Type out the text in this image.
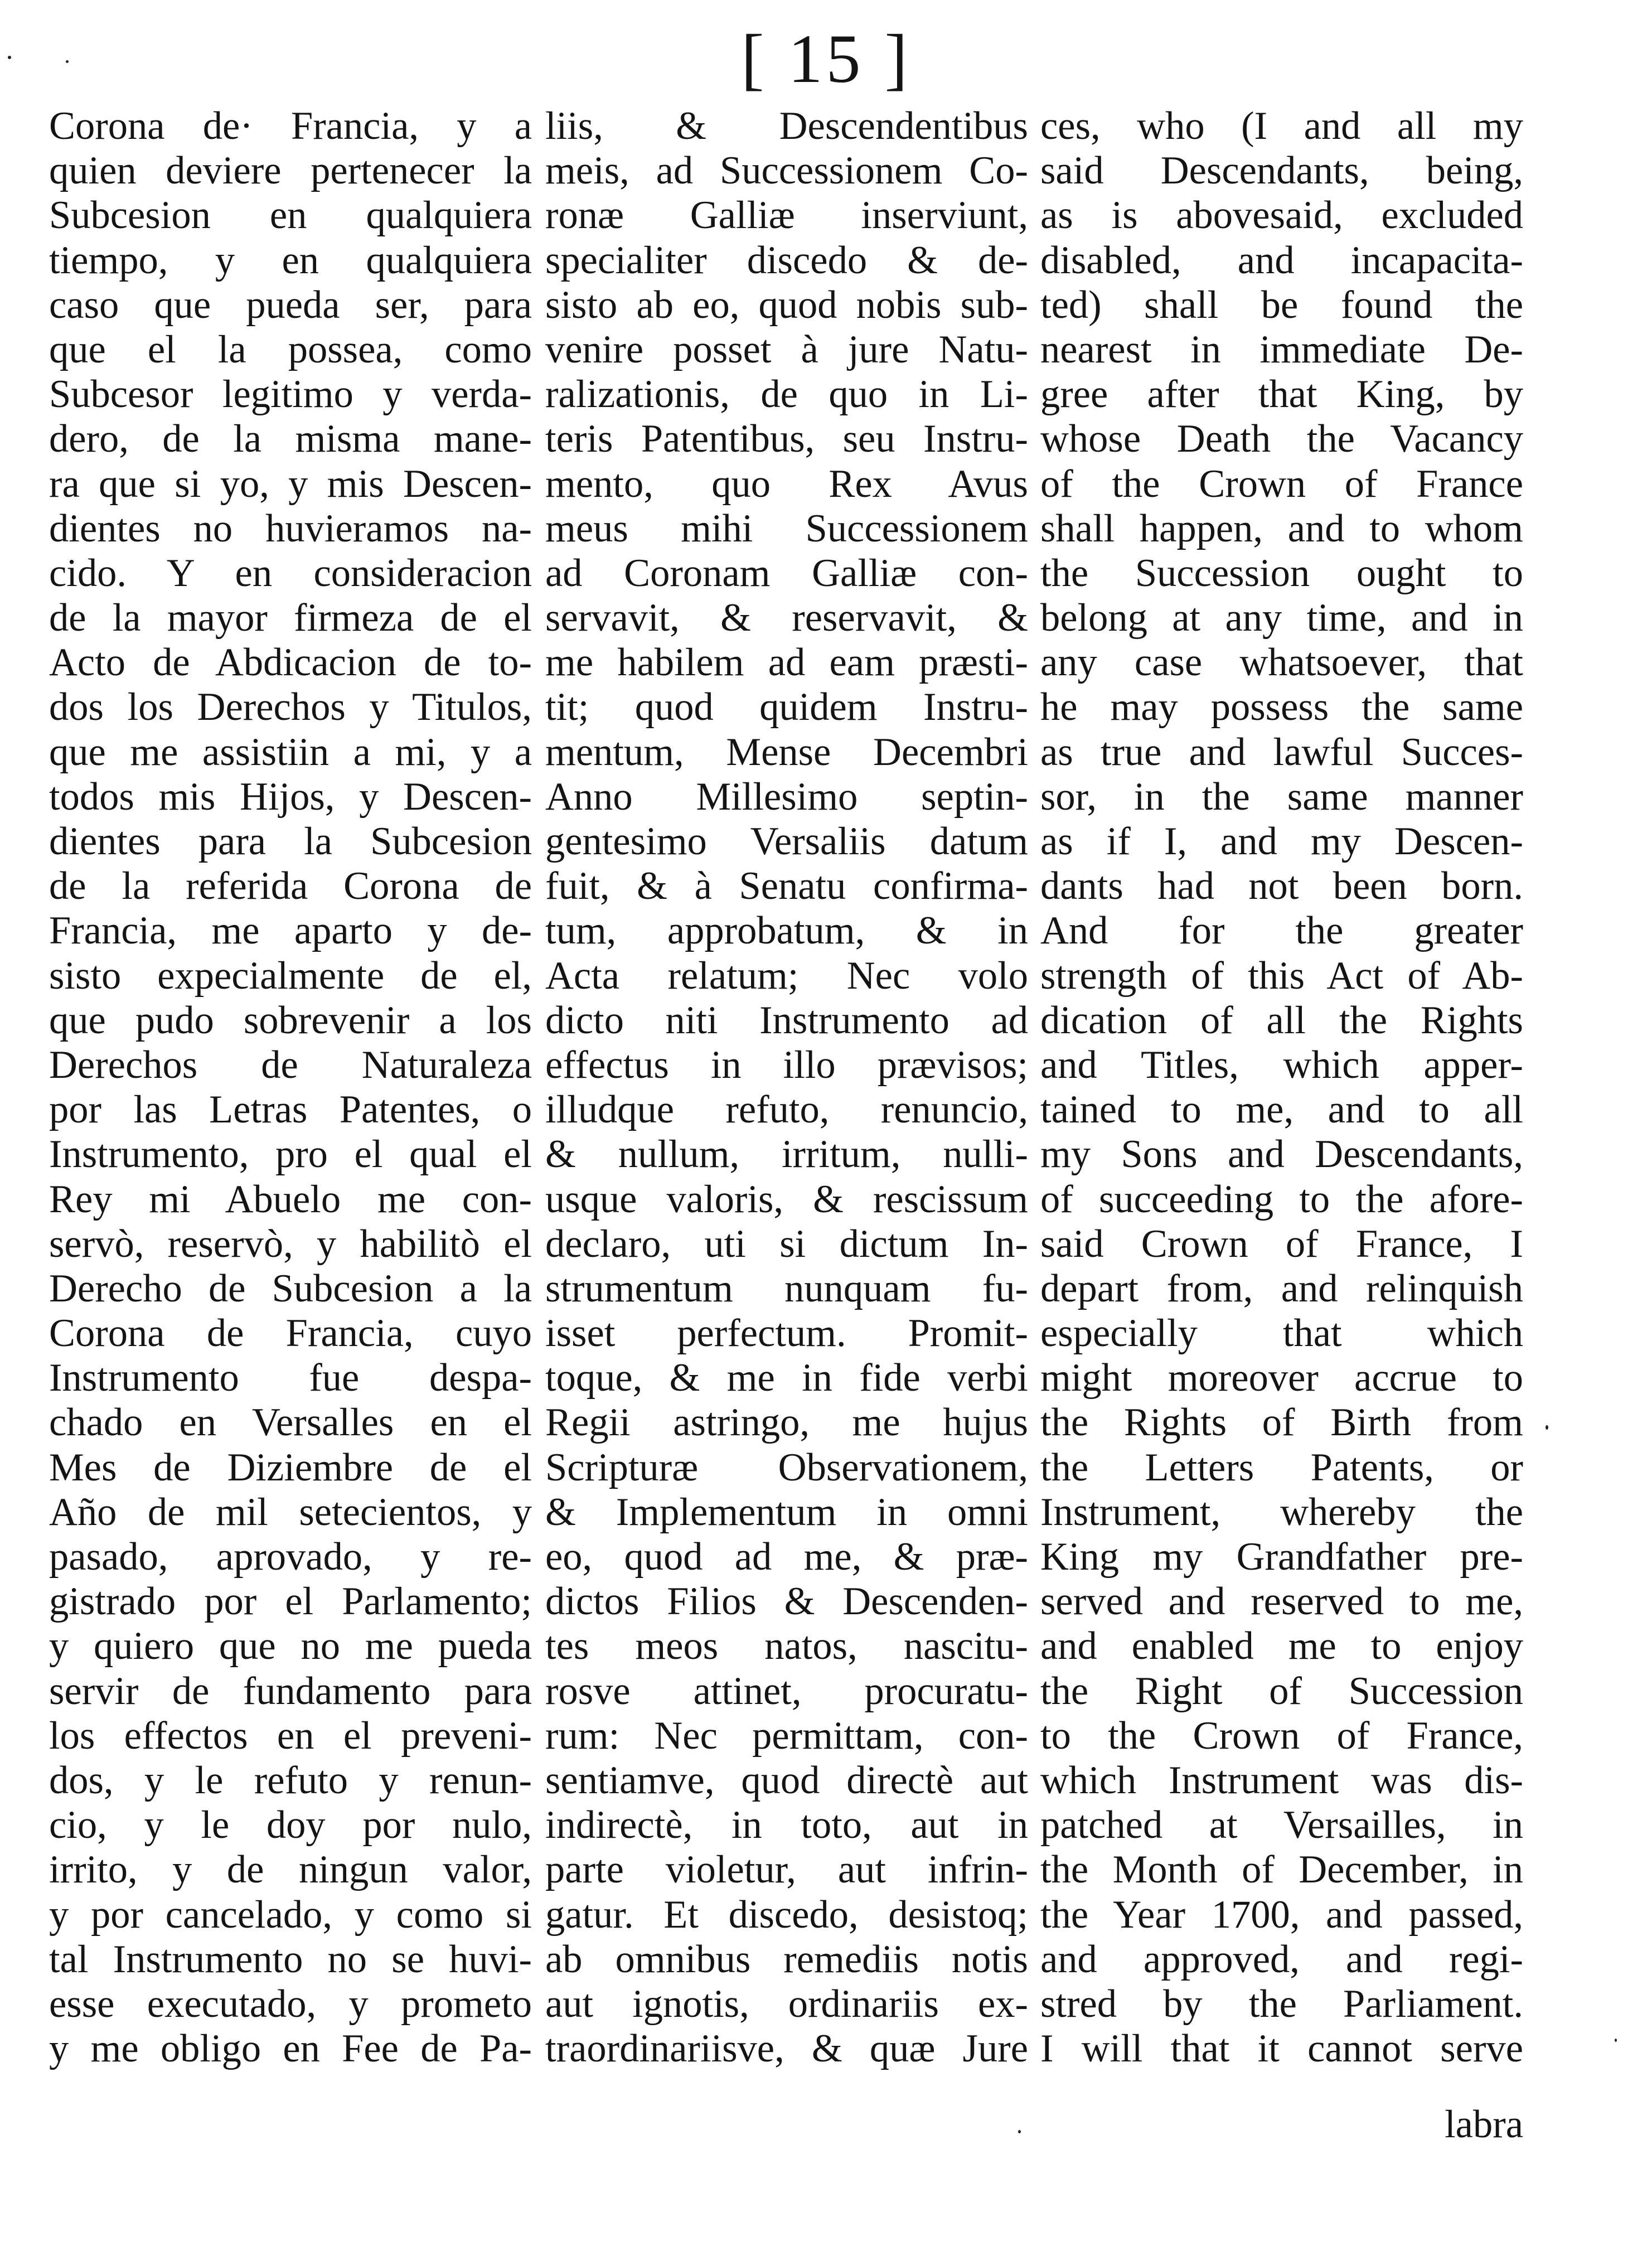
[ 15 ]
Corona de· Francia, y a
quien deviere pertenecer la
Subcesion en qualquiera
tiempo, y en qualquiera
caso que pueda ser, para
que el la possea, como
Subcesor legitimo y verda-
dero, de la misma mane-
ra que si yo, y mis Descen-
dientes no huvieramos na-
cido. Y en consideracion
de la mayor firmeza de el
Acto de Abdicacion de to-
dos los Derechos y Titulos,
que me assistiin a mi, y a
todos mis Hijos, y Descen-
dientes para la Subcesion
de la referida Corona de
Francia, me aparto y de-
sisto expecialmente de el,
que pudo sobrevenir a los
Derechos de Naturaleza
por las Letras Patentes, o
Instrumento, pro el qual el
Rey mi Abuelo me con-
servò, reservò, y habilitò el
Derecho de Subcesion a la
Corona de Francia, cuyo
Instrumento fue despa-
chado en Versalles en el
Mes de Diziembre de el
Año de mil setecientos, y
pasado, aprovado, y re-
gistrado por el Parlamento;
y quiero que no me pueda
servir de fundamento para
los effectos en el preveni-
dos, y le refuto y renun-
cio, y le doy por nulo,
irrito, y de ningun valor,
y por cancelado, y como si
tal Instrumento no se huvi-
esse executado, y prometo
y me obligo en Fee de Pa-
liis, & Descendentibus
meis, ad Successionem Co-
ronæ Galliæ inserviunt,
specialiter discedo & de-
sisto ab eo, quod nobis sub-
venire posset à jure Natu-
ralizationis, de quo in Li-
teris Patentibus, seu Instru-
mento, quo Rex Avus
meus mihi Successionem
ad Coronam Galliæ con-
servavit, & reservavit, &
me habilem ad eam præsti-
tit; quod quidem Instru-
mentum, Mense Decembri
Anno Millesimo septin-
gentesimo Versaliis datum
fuit, & à Senatu confirma-
tum, approbatum, & in
Acta relatum; Nec volo
dicto niti Instrumento ad
effectus in illo prævisos;
illudque refuto, renuncio,
& nullum, irritum, nulli-
usque valoris, & rescissum
declaro, uti si dictum In-
strumentum nunquam fu-
isset perfectum. Promit-
toque, & me in fide verbi
Regii astringo, me hujus
Scripturæ Observationem,
& Implementum in omni
eo, quod ad me, & præ-
dictos Filios & Descenden-
tes meos natos, nascitu-
rosve attinet, procuratu-
rum: Nec permittam, con-
sentiamve, quod directè aut
indirectè, in toto, aut in
parte violetur, aut infrin-
gatur. Et discedo, desistoq;
ab omnibus remediis notis
aut ignotis, ordinariis ex-
traordinariisve, & quæ Jure
ces, who (I and all my
said Descendants, being,
as is abovesaid, excluded
disabled, and incapacita-
ted) shall be found the
nearest in immediate De-
gree after that King, by
whose Death the Vacancy
of the Crown of France
shall happen, and to whom
the Succession ought to
belong at any time, and in
any case whatsoever, that
he may possess the same
as true and lawful Succes-
sor, in the same manner
as if I, and my Descen-
dants had not been born.
And for the greater
strength of this Act of Ab-
dication of all the Rights
and Titles, which apper-
tained to me, and to all
my Sons and Descendants,
of succeeding to the afore-
said Crown of France, I
depart from, and relinquish
especially that which
might moreover accrue to
the Rights of Birth from
the Letters Patents, or
Instrument, whereby the
King my Grandfather pre-
served and reserved to me,
and enabled me to enjoy
the Right of Succession
to the Crown of France,
which Instrument was dis-
patched at Versailles, in
the Month of December, in
the Year 1700, and passed,
and approved, and regi-
stred by the Parliament.
I will that it cannot serve
labra
